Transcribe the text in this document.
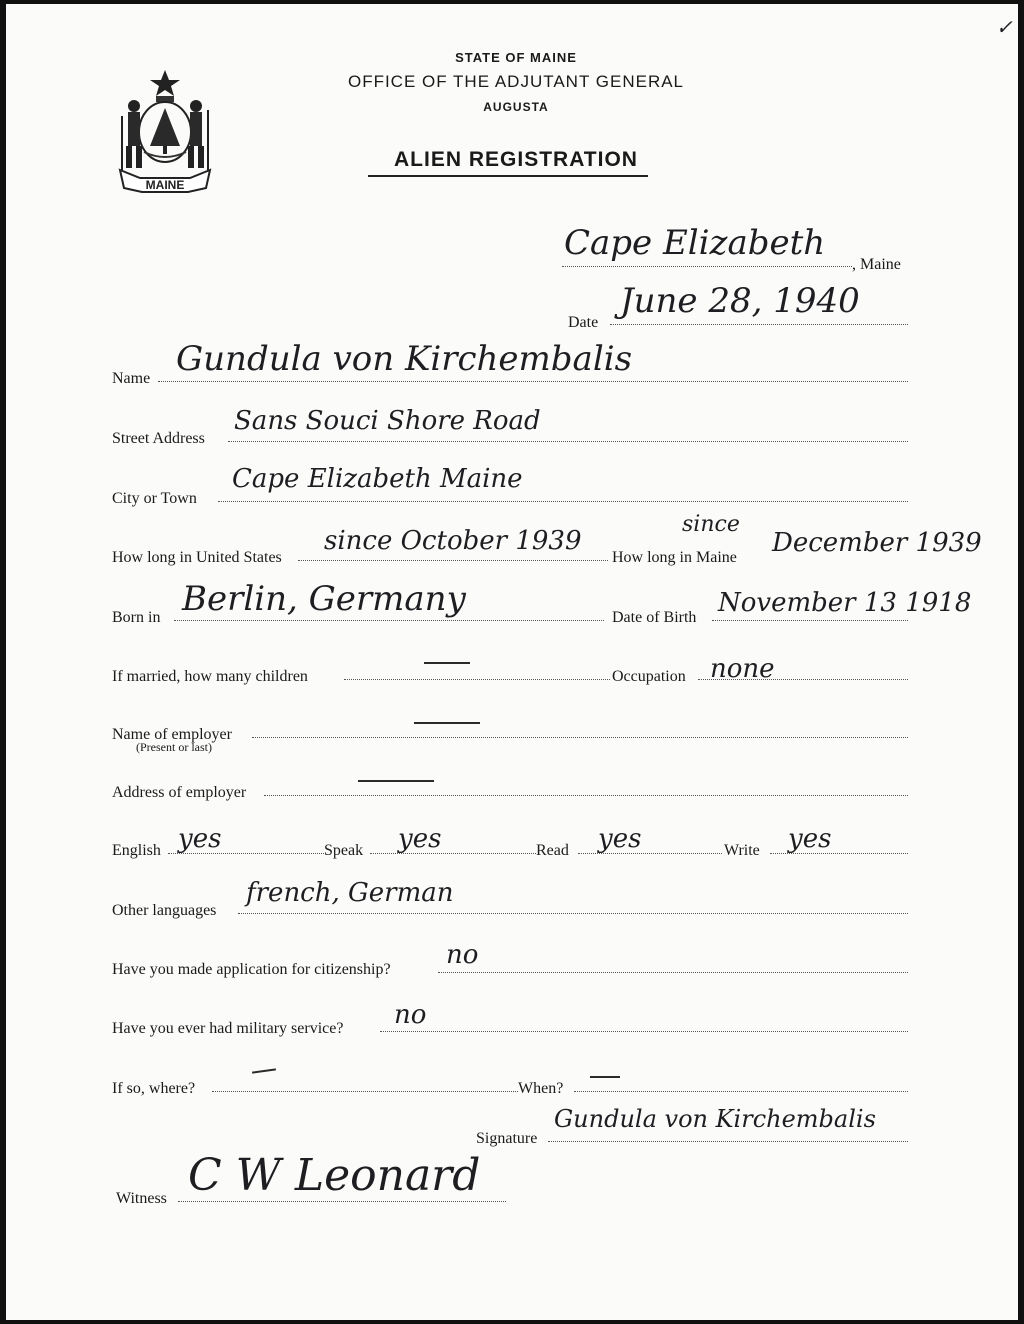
✓
MAINE
STATE OF MAINE
OFFICE OF THE ADJUTANT GENERAL
AUGUSTA
ALIEN REGISTRATION
Cape Elizabeth
, Maine
Date
June 28, 1940
Name Gundula von Kirchembalis
Street Address
Sans Souci Shore Road
City or Town
Cape Elizabeth Maine
How long in United States
since October 1939
How long in Maine
since
December 1939
Born in Berlin, Germany	Date of Birth November 13 1918
If married, how many children	Occupation none
Name of employer
(Present or last)
Address of employer
English yes	Speak yes	Read yes	Write yes
Other languages
french, German
Have you made application for citizenship? no
Have you ever had military service? no
If so, where?	When?
Signature
Gundula von Kirchembalis
Witness C W Leonard
